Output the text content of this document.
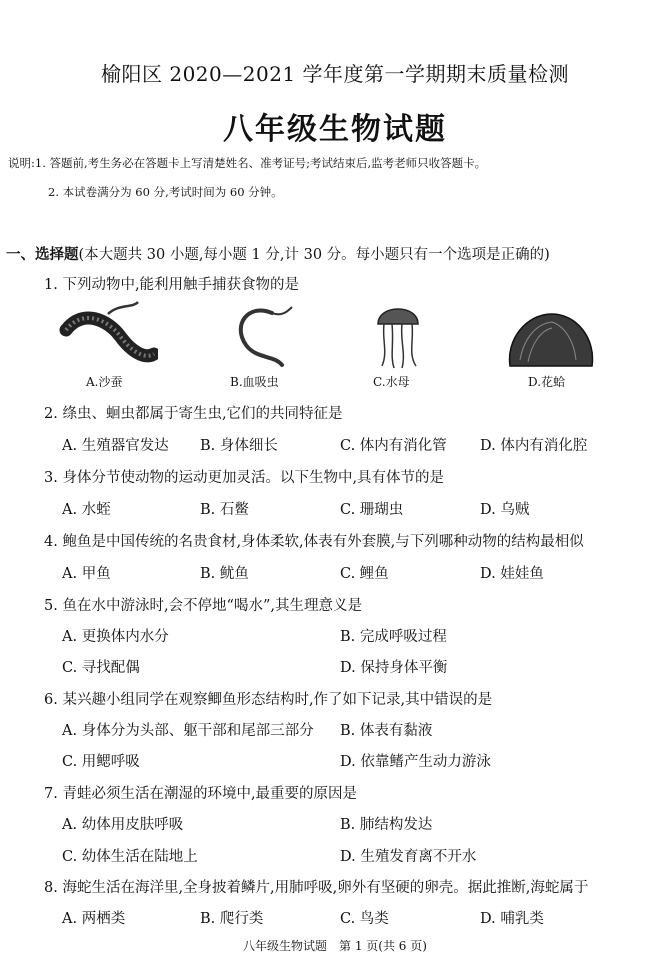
榆阳区 2020—2021 学年度第一学期期末质量检测
八年级生物试题
说明:1. 答题前,考生务必在答题卡上写清楚姓名、准考证号;考试结束后,监考老师只收答题卡。
2. 本试卷满分为 60 分,考试时间为 60 分钟。
一、选择题(本大题共 30 小题,每小题 1 分,计 30 分。每小题只有一个选项是正确的)
1. 下列动物中,能利用触手捕获食物的是
A.沙蚕	B.血吸虫	C.水母	D.花蛤
2. 绦虫、蛔虫都属于寄生虫,它们的共同特征是
A. 生殖器官发达 B. 身体细长	C. 体内有消化管 D. 体内有消化腔
3. 身体分节使动物的运动更加灵活。以下生物中,具有体节的是
A. 水蛭	B. 石鳖	C. 珊瑚虫	D. 乌贼
4. 鲍鱼是中国传统的名贵食材,身体柔软,体表有外套膜,与下列哪种动物的结构最相似
A. 甲鱼	B. 鱿鱼	C. 鲤鱼	D. 娃娃鱼
5. 鱼在水中游泳时,会不停地“喝水”,其生理意义是
A. 更换体内水分	B. 完成呼吸过程
C. 寻找配偶	D. 保持身体平衡
6. 某兴趣小组同学在观察鲫鱼形态结构时,作了如下记录,其中错误的是
A. 身体分为头部、躯干部和尾部三部分 B. 体表有黏液
C. 用鳃呼吸	D. 依靠鳍产生动力游泳
7. 青蛙必须生活在潮湿的环境中,最重要的原因是
A. 幼体用皮肤呼吸	B. 肺结构发达
C. 幼体生活在陆地上	D. 生殖发育离不开水
8. 海蛇生活在海洋里,全身披着鳞片,用肺呼吸,卵外有坚硬的卵壳。据此推断,海蛇属于
A. 两栖类	B. 爬行类	C. 鸟类	D. 哺乳类
八年级生物试题　第 1 页(共 6 页)
